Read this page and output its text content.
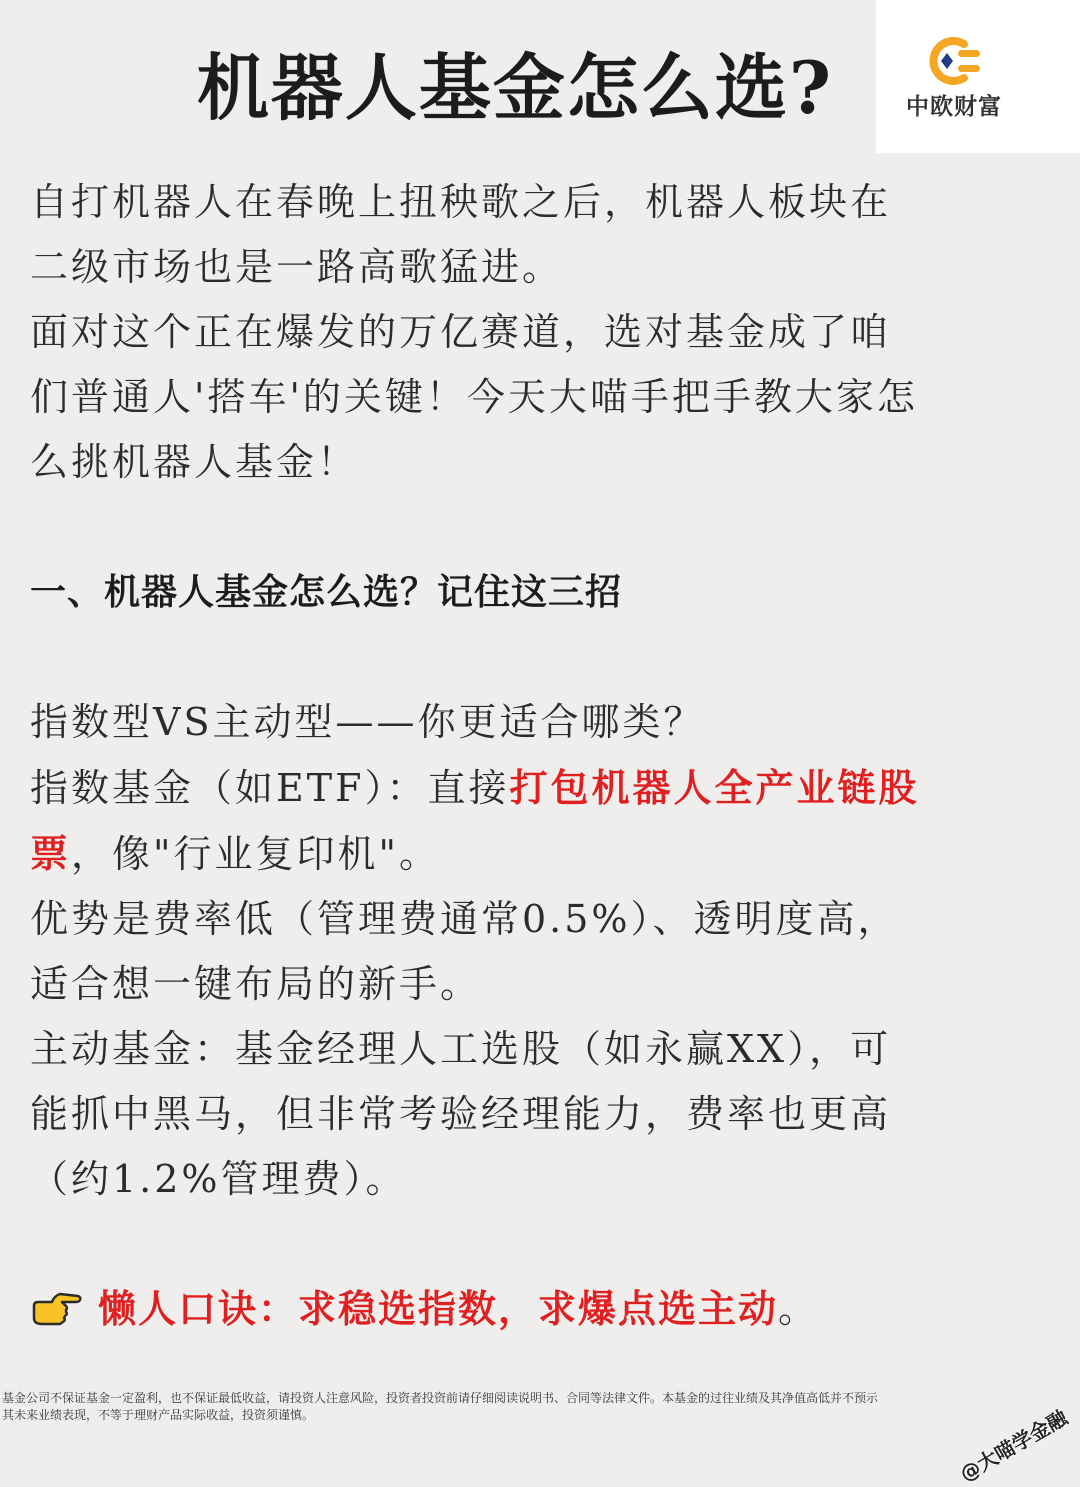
机器人基金怎么选?	中欧财富

自打机器人在春晚上扭秧歌之后，机器人板块在二级市场也是一路高歌猛进。

面对这个正在爆发的万亿赛道，选对基金成了咱们普通人'搭车'的关键！今天大喵手把手教大家怎么挑机器人基金！

一、机器人基金怎么选？记住这三招

指数型VS主动型——你更适合哪类？

指数基金（如ETF）：直接打包机器人全产业链股票，像"行业复印机"。

优势是费率低（管理费通常0.5%）、透明度高，适合想一键布局的新手。

主动基金：基金经理人工选股（如永赢XX），可能抓中黑马，但非常考验经理能力，费率也更高（约1.2%管理费）。

懒人口诀：求稳选指数，求爆点选主动 。

基金公司不保证基金一定盈利，也不保证最低收益，请投资人注意风险，投资者投资前请仔细阅读说明书、合同等法律文件。本基金的过往业绩及其净值高低并不预示其未来业绩表现，不等于理财产品实际收益，投资须谨慎。	@大喵学金融
